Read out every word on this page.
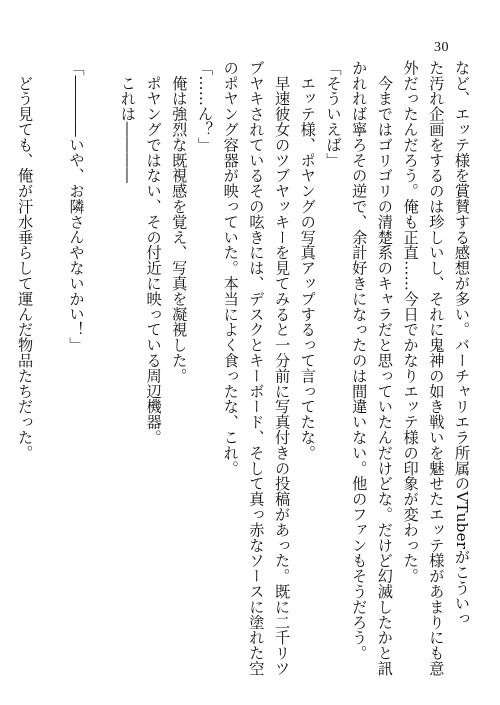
30

など、エッテ様を賞賛する感想が多い。バーチャリエラ所属のVTuberがこういっ

た汚れ企画をするのは珍しいし、それに鬼神の如き戦いを魅せたエッテ様があまりにも意

外だったんだろう。俺も正直……今日でかなりエッテ様の印象が変わった。

　今まではゴリゴリの清楚系のキャラだと思っていたんだけどな。だけど幻滅したかと訊

かれれば寧ろその逆で、余計好きになったのは間違いない。他のファンもそうだろう。

「そういえば」

　エッテ様、ポヤングの写真アップするって言ってたな。

　早速彼女のツブヤッキーを見てみると一分前に写真付きの投稿があった。既に二千リツ

ブヤキされているその呟きには、デスクとキーボード、そして真っ赤なソースに塗れた空

のポヤング容器が映っていた。本当によく食ったな、これ。

「……ん？」

　俺は強烈な既視感を覚え、写真を凝視した。

　ポヤングではない、その付近に映っている周辺機器。

　これは――――

「――――いや、お隣さんやないかい！」

　どう見ても、俺が汗水垂らして運んだ物品たちだった。
